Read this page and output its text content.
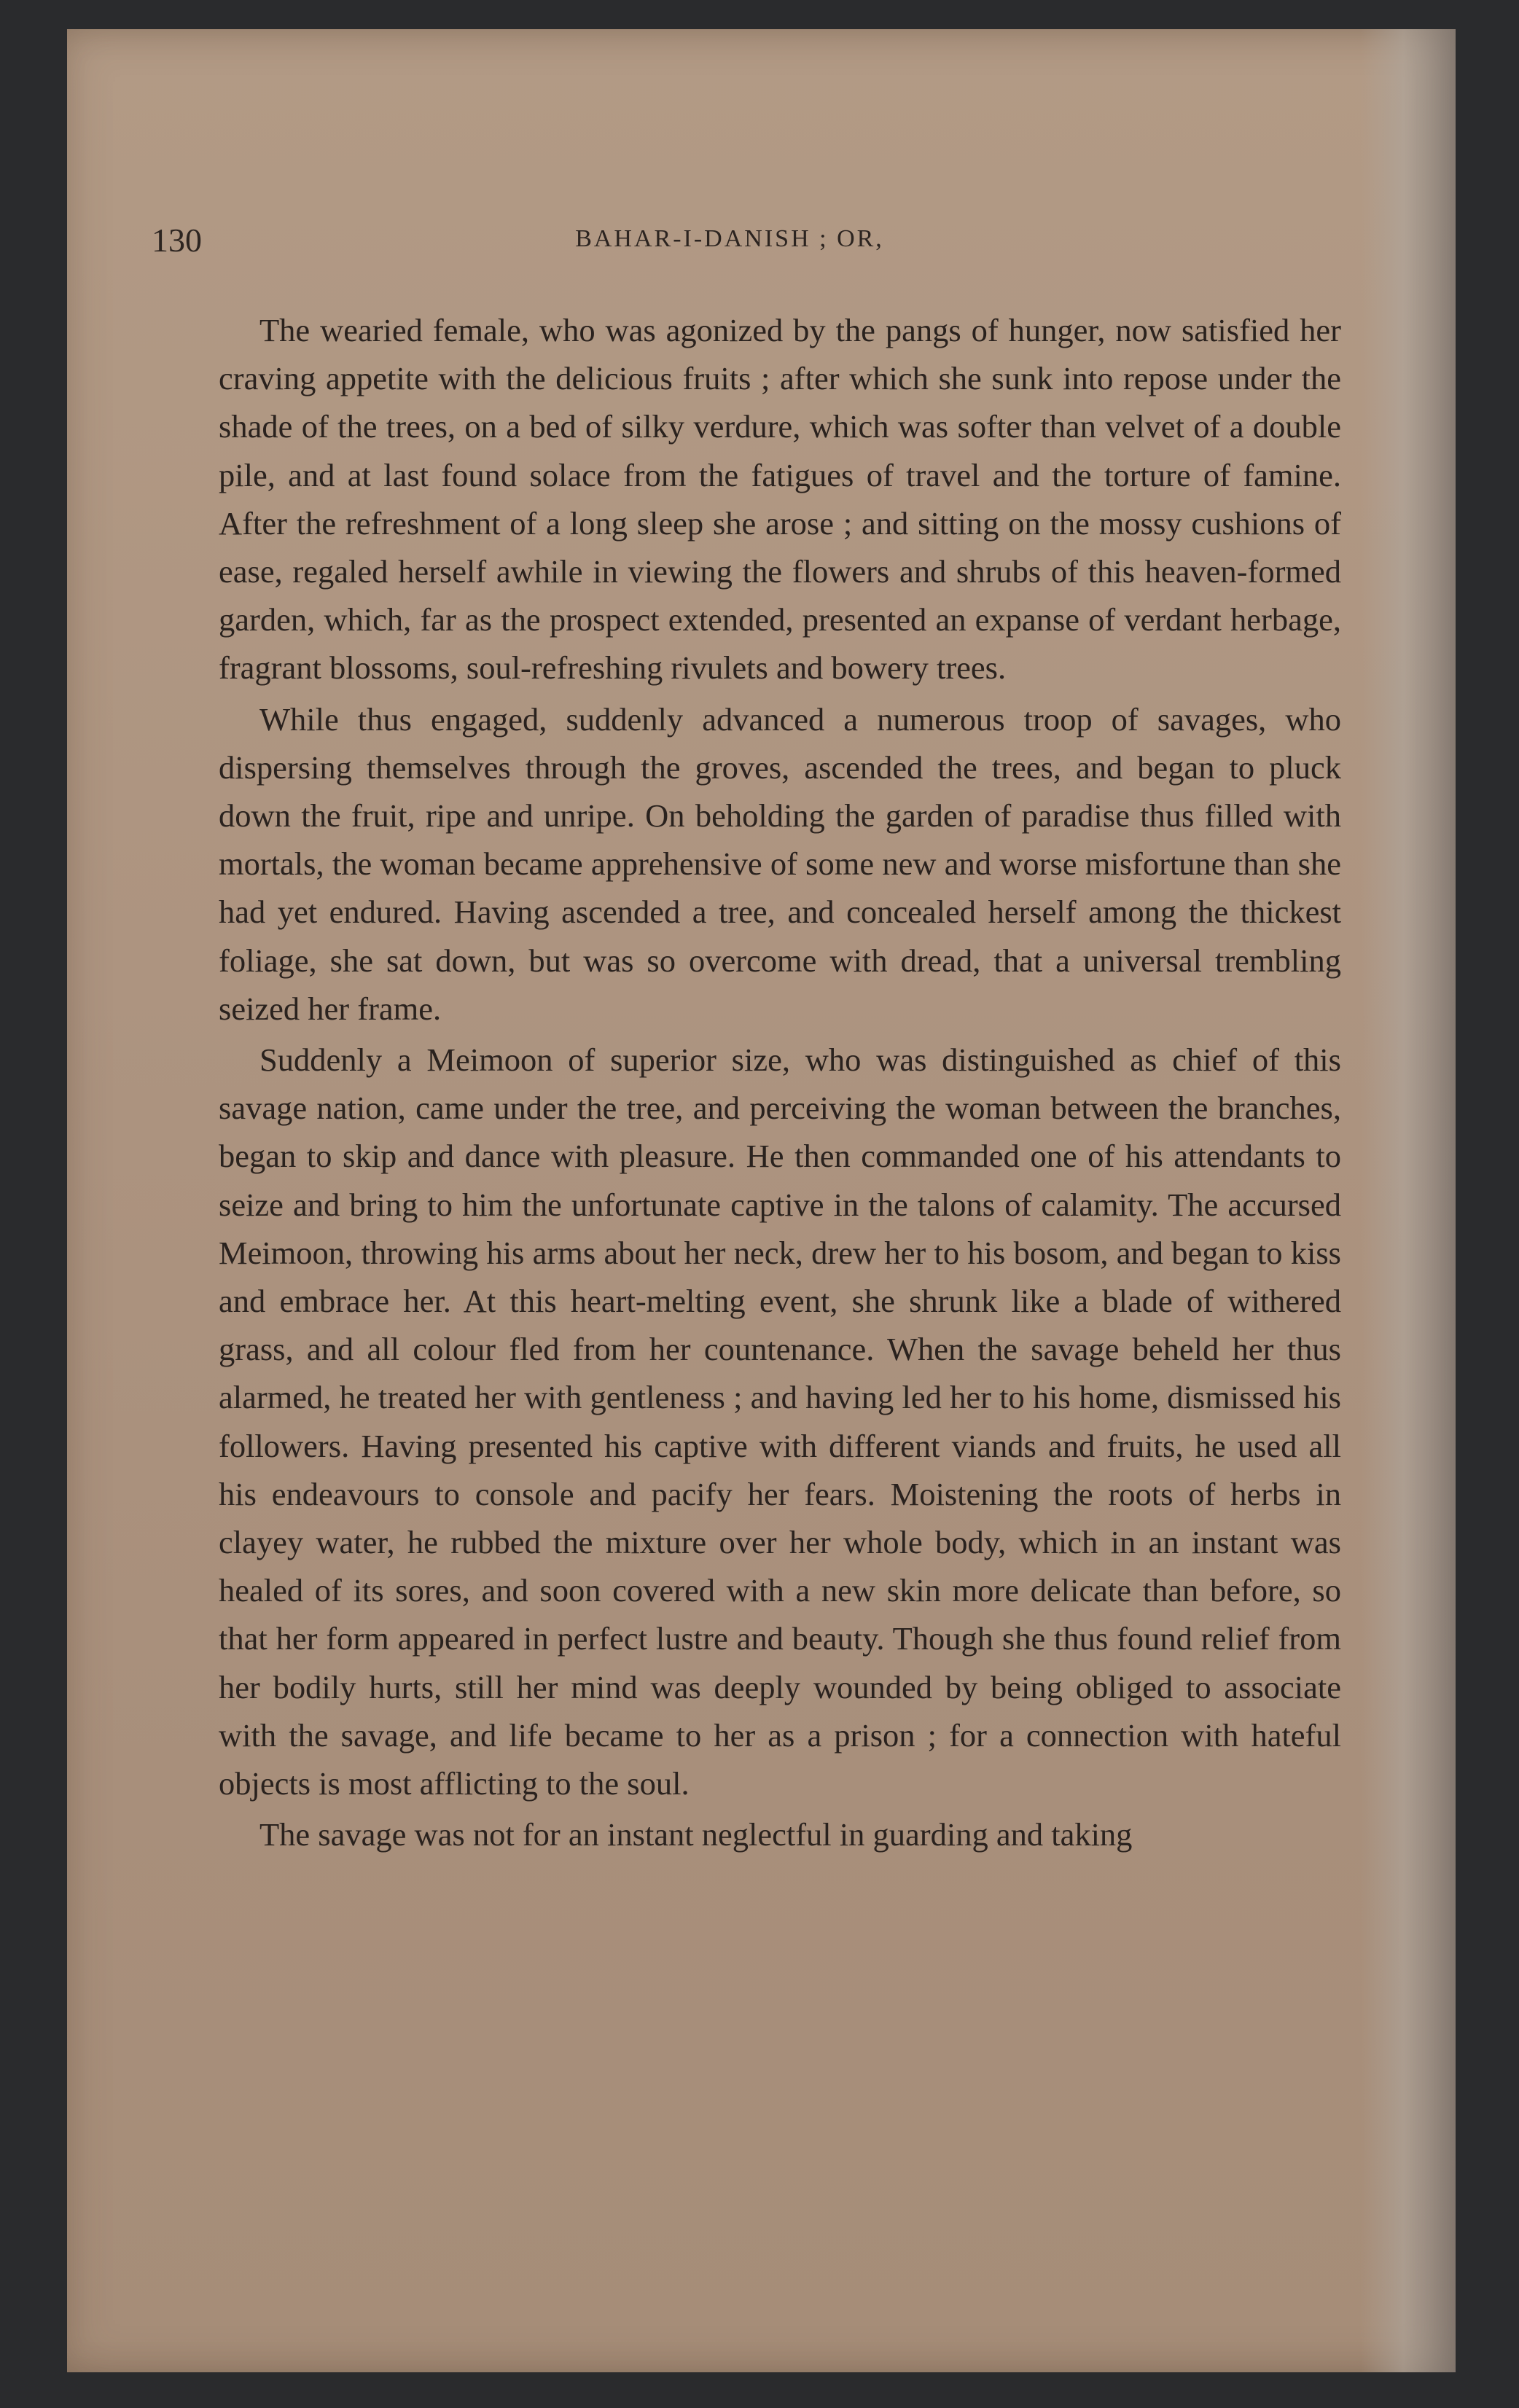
130	BAHAR-I-DANISH ; OR,

The wearied female, who was agonized by the pangs of hunger, now satisfied her craving appetite with the delicious fruits ; after which she sunk into repose under the shade of the trees, on a bed of silky verdure, which was softer than velvet of a double pile, and at last found solace from the fatigues of travel and the torture of famine. After the refreshment of a long sleep she arose ; and sitting on the mossy cushions of ease, regaled herself awhile in viewing the flowers and shrubs of this heaven-formed garden, which, far as the prospect extended, presented an expanse of verdant herbage, fragrant blossoms, soul-refreshing rivulets and bowery trees.

While thus engaged, suddenly advanced a numerous troop of savages, who dispersing themselves through the groves, ascended the trees, and began to pluck down the fruit, ripe and unripe. On beholding the garden of paradise thus filled with mortals, the woman became apprehensive of some new and worse misfortune than she had yet endured. Having ascended a tree, and concealed herself among the thickest foliage, she sat down, but was so overcome with dread, that a universal trembling seized her frame.

Suddenly a Meimoon of superior size, who was distinguished as chief of this savage nation, came under the tree, and perceiving the woman between the branches, began to skip and dance with pleasure. He then commanded one of his attendants to seize and bring to him the unfortunate captive in the talons of calamity. The accursed Meimoon, throwing his arms about her neck, drew her to his bosom, and began to kiss and embrace her. At this heart-melting event, she shrunk like a blade of withered grass, and all colour fled from her countenance. When the savage beheld her thus alarmed, he treated her with gentleness ; and having led her to his home, dismissed his followers. Having presented his captive with different viands and fruits, he used all his endeavours to console and pacify her fears. Moistening the roots of herbs in clayey water, he rubbed the mixture over her whole body, which in an instant was healed of its sores, and soon covered with a new skin more delicate than before, so that her form appeared in perfect lustre and beauty. Though she thus found relief from her bodily hurts, still her mind was deeply wounded by being obliged to associate with the savage, and life became to her as a prison ; for a connection with hateful objects is most afflicting to the soul.

The savage was not for an instant neglectful in guarding and taking
